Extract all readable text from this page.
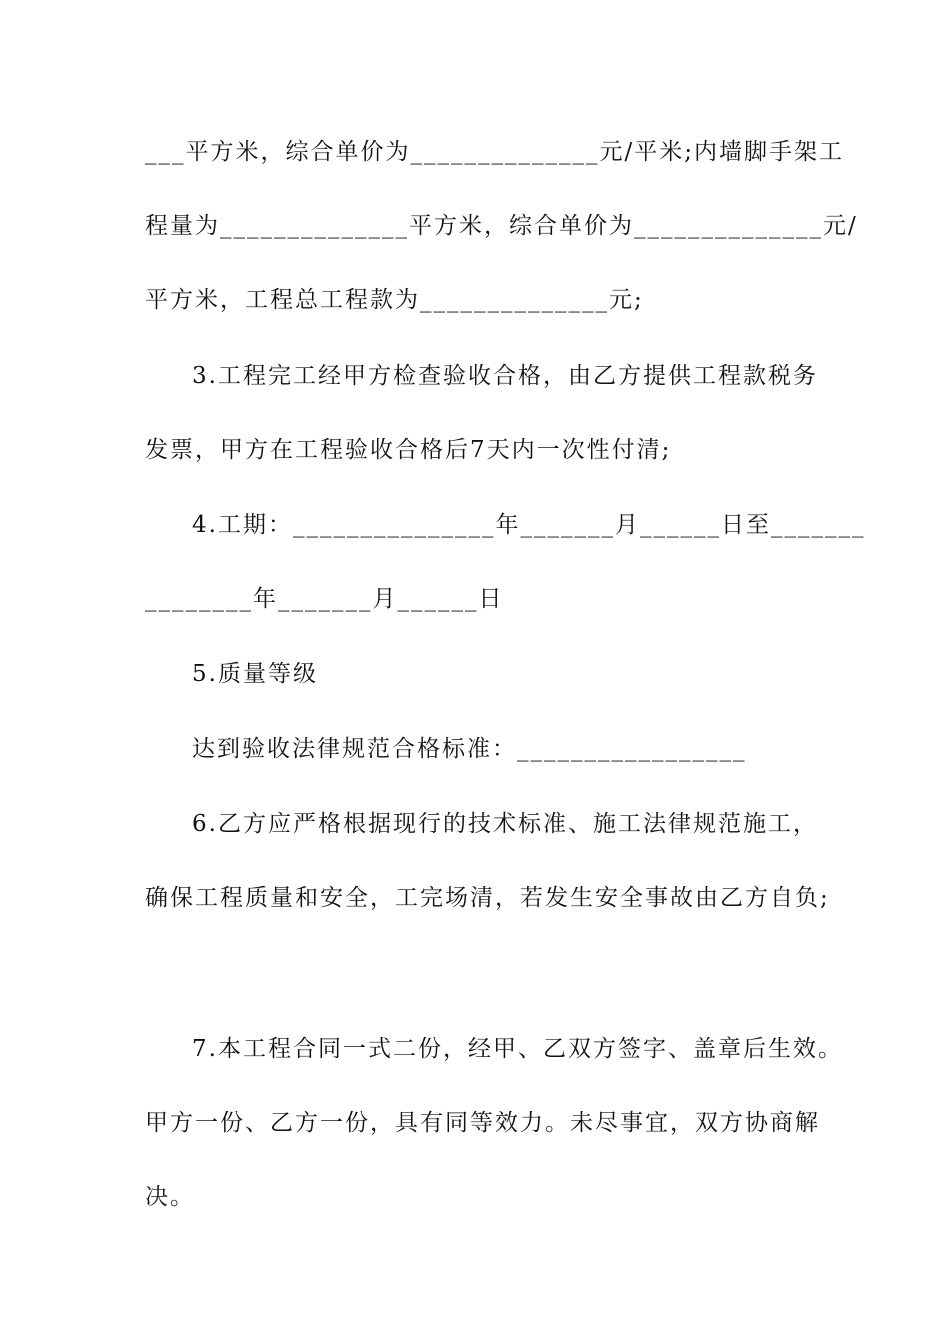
___平方米，综合单价为______________元/平米;内墙脚手架工
程量为______________平方米，综合单价为______________元/
平方米，工程总工程款为______________元;
3.工程完工经甲方检查验收合格，由乙方提供工程款税务
发票，甲方在工程验收合格后7天内一次性付清;
4.工期：_______________年_______月______日至_______
________年_______月______日
5.质量等级
达到验收法律规范合格标准：_________________
6.乙方应严格根据现行的技术标准、施工法律规范施工，
确保工程质量和安全，工完场清，若发生安全事故由乙方自负;
7.本工程合同一式二份，经甲、乙双方签字、盖章后生效。
甲方一份、乙方一份，具有同等效力。未尽事宜，双方协商解
决。
